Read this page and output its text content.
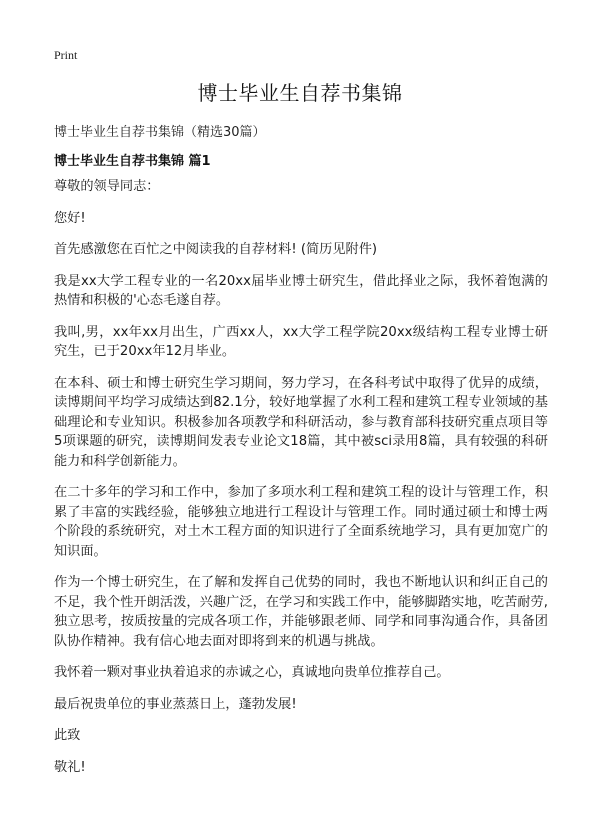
Print
博士毕业生自荐书集锦
博士毕业生自荐书集锦（精选30篇）
博士毕业生自荐书集锦 篇1

尊敬的领导同志：

您好!

首先感激您在百忙之中阅读我的自荐材料! (简历见附件)

我是xx大学工程专业的一名20xx届毕业博士研究生，借此择业之际，我怀着饱满的热情和积极的'心态毛遂自荐。

我叫,男，xx年xx月出生，广西xx人，xx大学工程学院20xx级结构工程专业博士研究生，已于20xx年12月毕业。

在本科、硕士和博士研究生学习期间，努力学习，在各科考试中取得了优异的成绩，读博期间平均学习成绩达到82.1分，较好地掌握了水利工程和建筑工程专业领域的基础理论和专业知识。积极参加各项教学和科研活动，参与教育部科技研究重点项目等5项课题的研究，读博期间发表专业论文18篇，其中被sci录用8篇，具有较强的科研能力和科学创新能力。

在二十多年的学习和工作中，参加了多项水利工程和建筑工程的设计与管理工作，积累了丰富的实践经验，能够独立地进行工程设计与管理工作。同时通过硕士和博士两个阶段的系统研究，对土木工程方面的知识进行了全面系统地学习，具有更加宽广的知识面。

作为一个博士研究生，在了解和发挥自己优势的同时，我也不断地认识和纠正自己的不足，我个性开朗活泼，兴趣广泛，在学习和实践工作中，能够脚踏实地，吃苦耐劳,独立思考，按质按量的完成各项工作，并能够跟老师、同学和同事沟通合作，具备团队协作精神。我有信心地去面对即将到来的机遇与挑战。

我怀着一颗对事业执着追求的赤诚之心，真诚地向贵单位推荐自己。

最后祝贵单位的事业蒸蒸日上，蓬勃发展!

此致

敬礼!
